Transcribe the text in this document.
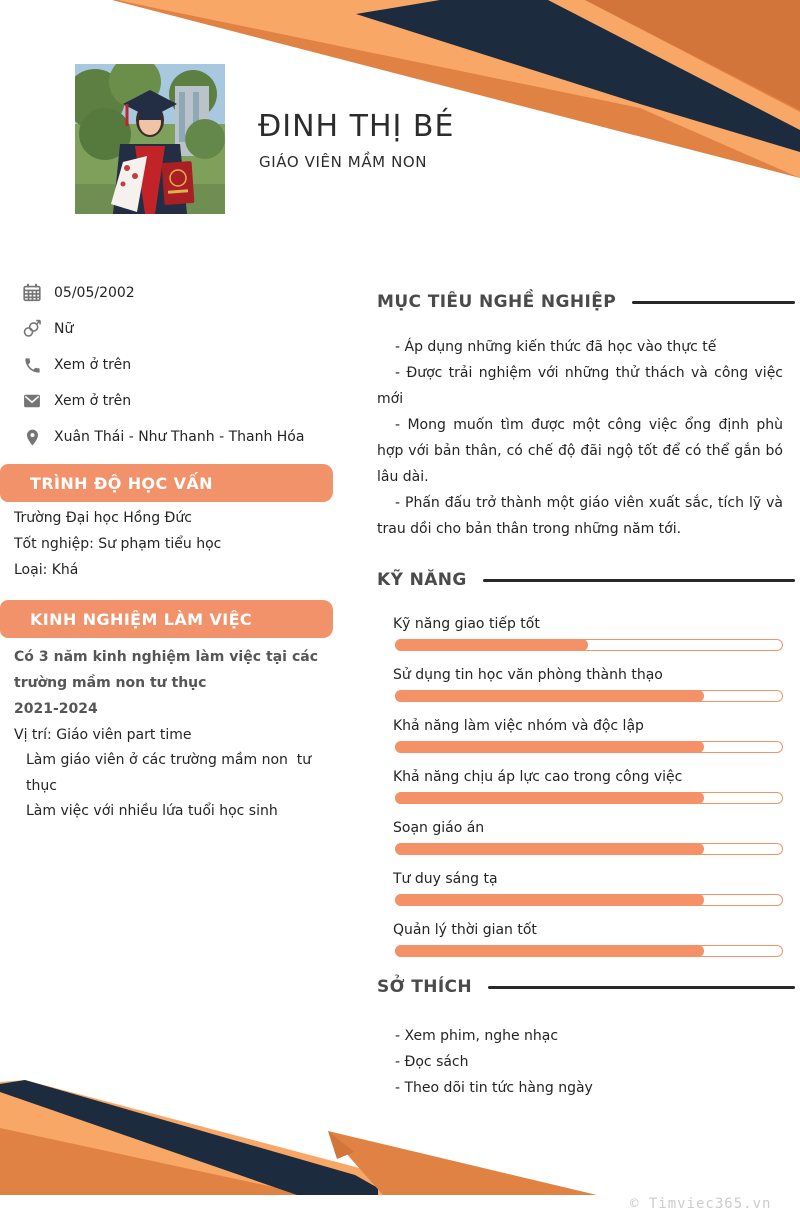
ĐINH THỊ BÉ
GIÁO VIÊN MẦM NON
05/05/2002
Nữ
Xem ở trên
Xem ở trên
Xuân Thái - Như Thanh - Thanh Hóa
TRÌNH ĐỘ HỌC VẤN
Trường Đại học Hồng Đức
Tốt nghiệp: Sư phạm tiểu học
Loại: Khá
KINH NGHIỆM LÀM VIỆC

Có 3 năm kinh nghiệm làm việc tại các trường mầm non tư thục

2021-2024
Vị trí: Giáo viên part time
Làm giáo viên ở các trường mầm non  tư thục
Làm việc với nhiều lứa tuổi học sinh
MỤC TIÊU NGHỀ NGHIỆP

- Áp dụng những kiến thức đã học vào thực tế

- Được trải nghiệm với những thử thách và công việc mới

- Mong muốn tìm được một công việc ổng định phù hợp với bản thân, có chế độ đãi ngộ tốt để có thể gắn bó lâu dài.

- Phấn đấu trở thành một giáo viên xuất sắc, tích lỹ và trau dồi cho bản thân trong những năm tới.

KỸ NĂNG
Kỹ năng giao tiếp tốt
Sử dụng tin học văn phòng thành thạo
Khả năng làm việc nhóm và độc lập
Khả năng chịu áp lực cao trong công việc
Soạn giáo án
Tư duy sáng tạ
Quản lý thời gian tốt
SỞ THÍCH
- Xem phim, nghe nhạc
- Đọc sách
- Theo dõi tin tức hàng ngày
© Timviec365.vn
